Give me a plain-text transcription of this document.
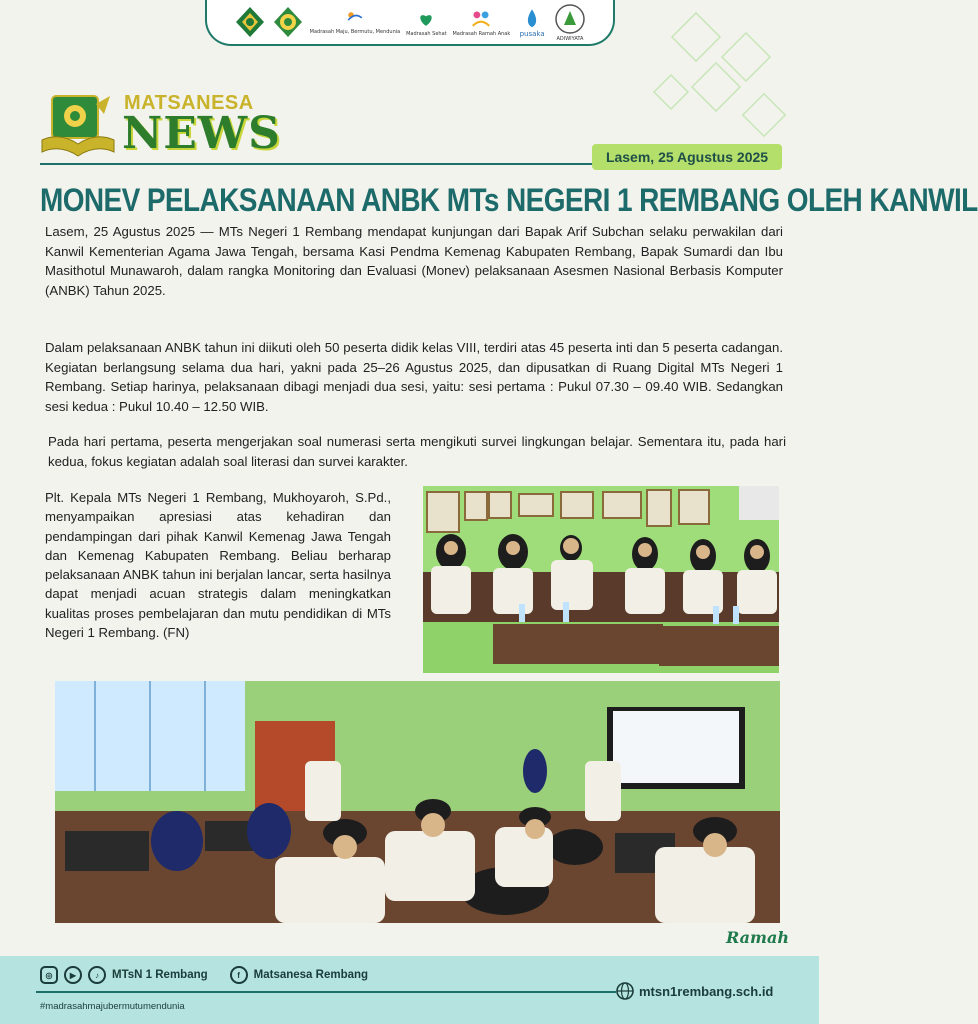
Madrasah Maju, Bermutu, Mendunia Madrasah Sehat Madrasah Ramah Anak pusaka
ADIWIYATA
MATSANESA
NEWS	Lasem, 25 Agustus 2025
MONEV PELAKSANAAN ANBK MTs NEGERI 1 REMBANG OLEH KANWIL

Lasem, 25 Agustus 2025 — MTs Negeri 1 Rembang mendapat kunjungan dari Bapak Arif Subchan selaku perwakilan dari Kanwil Kementerian Agama Jawa Tengah, bersama Kasi Pendma Kemenag Kabupaten Rembang, Bapak Sumardi dan Ibu Masithotul Munawaroh, dalam rangka Monitoring dan Evaluasi (Monev) pelaksanaan Asesmen Nasional Berbasis Komputer (ANBK) Tahun 2025.

Dalam pelaksanaan ANBK tahun ini diikuti oleh 50 peserta didik kelas VIII, terdiri atas 45 peserta inti dan 5 peserta cadangan. Kegiatan berlangsung selama dua hari, yakni pada 25–26 Agustus 2025, dan dipusatkan di Ruang Digital MTs Negeri 1 Rembang. Setiap harinya, pelaksanaan dibagi menjadi dua sesi, yaitu: sesi pertama : Pukul 07.30 – 09.40 WIB. Sedangkan sesi kedua : Pukul 10.40 – 12.50 WIB.

Pada hari pertama, peserta mengerjakan soal numerasi serta mengikuti survei lingkungan belajar. Sementara itu, pada hari kedua, fokus kegiatan adalah soal literasi dan survei karakter.

Plt. Kepala MTs Negeri 1 Rembang, Mukhoyaroh, S.Pd., menyampaikan apresiasi atas kehadiran dan pendampingan dari pihak Kanwil Kemenag Jawa Tengah dan Kemenag Kabupaten Rembang. Beliau berharap pelaksanaan ANBK tahun ini berjalan lancar, serta hasilnya dapat menjadi acuan strategis dalam meningkatkan kualitas proses pembelajaran dan mutu pendidikan di MTs Negeri 1 Rembang. (FN)

Ramah
◎	▶	♪	MTsN 1 Rembang	f	Matsanesa Rembang
#madrasahmajubermutumendunia
mtsn1rembang.sch.id
